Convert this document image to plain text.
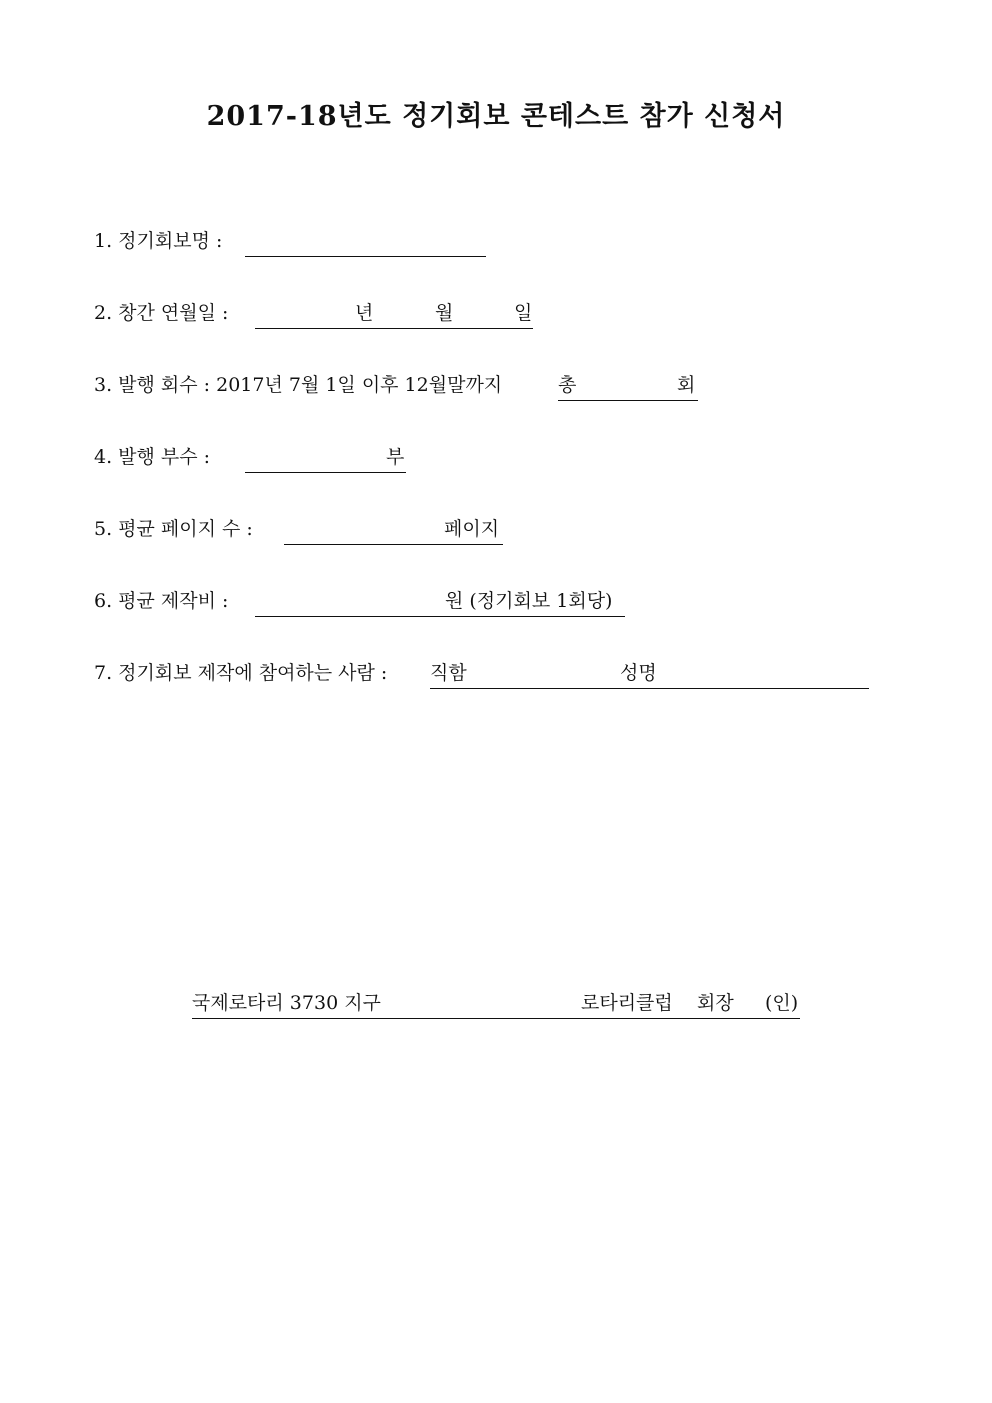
2017-18년도 정기회보 콘테스트 참가 신청서
1. 정기회보명 :
2. 창간 연월일 :	년	월	일
3. 발행 회수 : 2017년 7월 1일 이후 12월말까지	총	회
4. 발행 부수 :	부
5. 평균 페이지 수 :	페이지
6. 평균 제작비 :	원 (정기회보 1회당)
7. 정기회보 제작에 참여하는 사람 : 직함	성명
국제로타리 3730 지구	로타리클럽 회장 (인)
